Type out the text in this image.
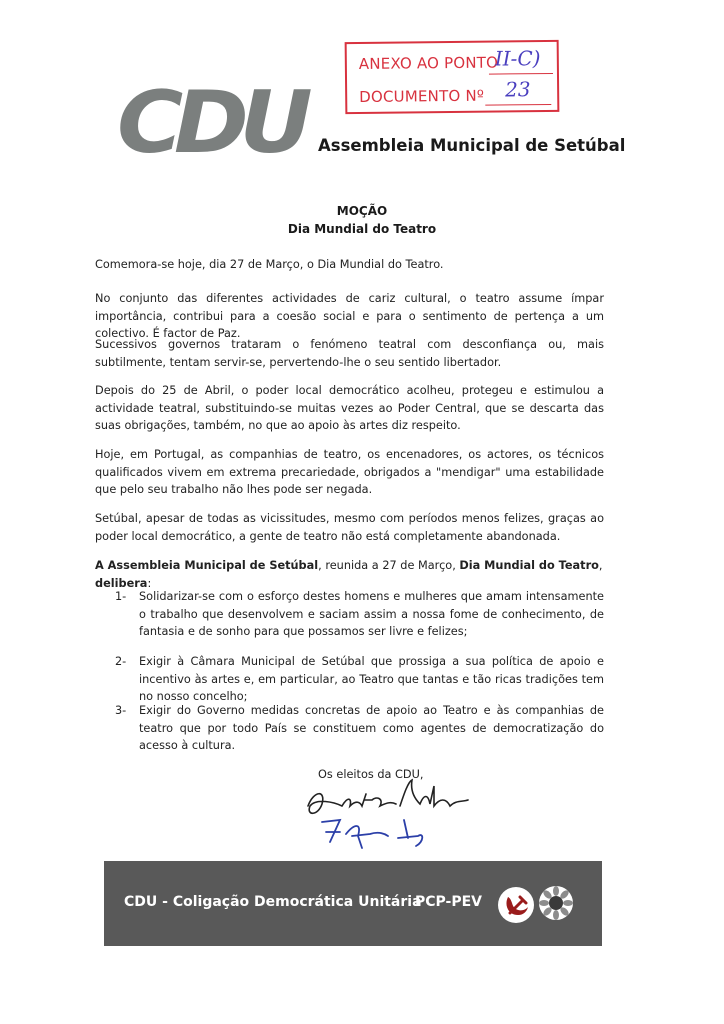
ANEXO AO PONTO
II-C)
DOCUMENTO Nº 23
CDU Assembleia Municipal de Setúbal
MOÇÃO
Dia Mundial do Teatro
Comemora-se hoje, dia 27 de Março, o Dia Mundial do Teatro.
No conjunto das diferentes actividades de cariz cultural, o teatro assume ímpar importância, contribui para a coesão social e para o sentimento de pertença a um colectivo. É factor de Paz.
Sucessivos governos trataram o fenómeno teatral com desconfiança ou, mais subtilmente, tentam servir-se, pervertendo-lhe o seu sentido libertador.
Depois do 25 de Abril, o poder local democrático acolheu, protegeu e estimulou a actividade teatral, substituindo-se muitas vezes ao Poder Central, que se descarta das suas obrigações, também, no que ao apoio às artes diz respeito.
Hoje, em Portugal, as companhias de teatro, os encenadores, os actores, os técnicos qualificados vivem em extrema precariedade, obrigados a "mendigar" uma estabilidade que pelo seu trabalho não lhes pode ser negada.
Setúbal, apesar de todas as vicissitudes, mesmo com períodos menos felizes, graças ao poder local democrático, a gente de teatro não está completamente abandonada.
A Assembleia Municipal de Setúbal, reunida a 27 de Março, Dia Mundial do Teatro, delibera:
1-	Solidarizar-se com o esforço destes homens e mulheres que amam intensamente o trabalho que desenvolvem e saciam assim a nossa fome de conhecimento, de fantasia e de sonho para que possamos ser livre e felizes;
2-	Exigir à Câmara Municipal de Setúbal que prossiga a sua política de apoio e incentivo às artes e, em particular, ao Teatro que tantas e tão ricas tradições tem no nosso concelho;
3-	Exigir do Governo medidas concretas de apoio ao Teatro e às companhias de teatro que por todo País se constituem como agentes de democratização do acesso à cultura.
Os eleitos da CDU,
CDU - Coligação Democrática Unitária
PCP-PEV
